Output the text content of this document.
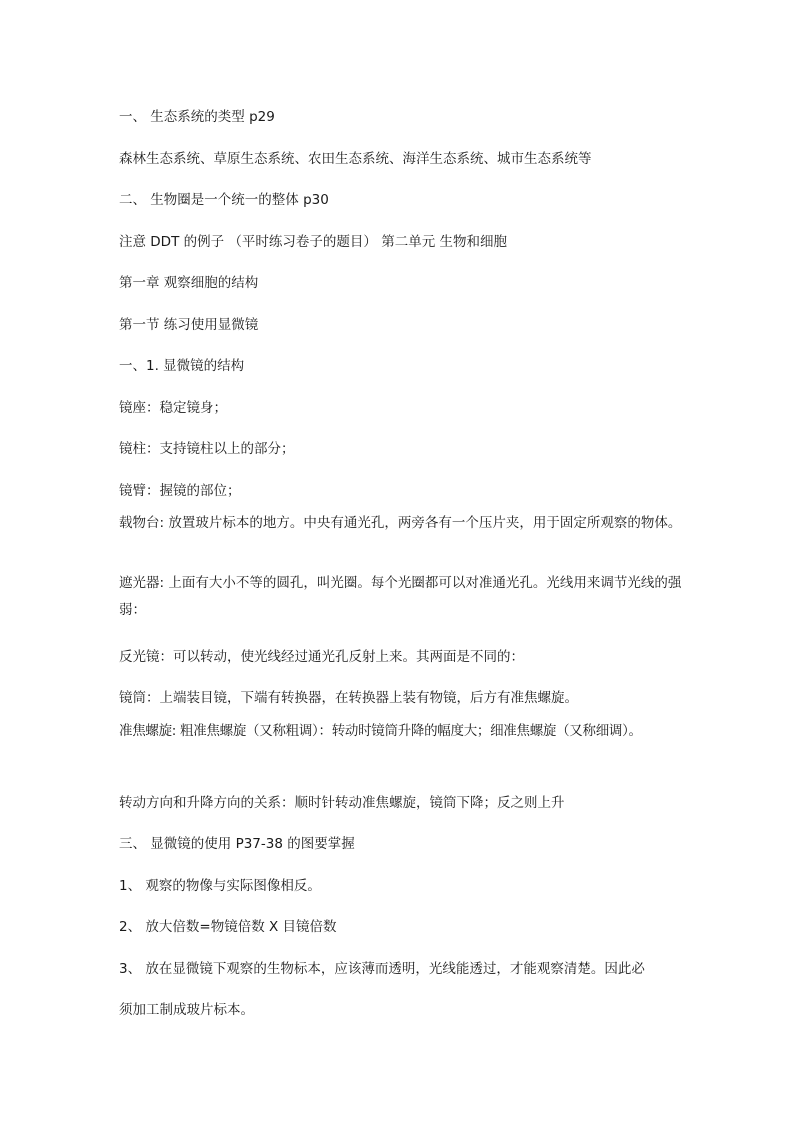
一、 生态系统的类型 p29
森林生态系统、草原生态系统、农田生态系统、海洋生态系统、城市生态系统等
二、 生物圈是一个统一的整体 p30
注意 DDT 的例子 （平时练习卷子的题目） 第二单元 生物和细胞
第一章 观察细胞的结构
第一节 练习使用显微镜
一、1. 显微镜的结构
镜座：稳定镜身；
镜柱：支持镜柱以上的部分；
镜臂：握镜的部位；
载物台: 放置玻片标本的地方。中央有通光孔，两旁各有一个压片夹，用于固定所观察的物体。
遮光器: 上面有大小不等的圆孔，叫光圈。每个光圈都可以对准通光孔。光线用来调节光线的强弱：
反光镜：可以转动，使光线经过通光孔反射上来。其两面是不同的：
镜筒：上端装目镜，下端有转换器，在转换器上装有物镜，后方有准焦螺旋。
准焦螺旋: 粗准焦螺旋（又称粗调）：转动时镜筒升降的幅度大；细准焦螺旋（又称细调）。
转动方向和升降方向的关系：顺时针转动准焦螺旋，镜筒下降；反之则上升
三、 显微镜的使用 P37-38 的图要掌握
1、 观察的物像与实际图像相反。
2、 放大倍数=物镜倍数 X 目镜倍数
3、 放在显微镜下观察的生物标本，应该薄而透明，光线能透过，才能观察清楚。因此必
须加工制成玻片标本。
